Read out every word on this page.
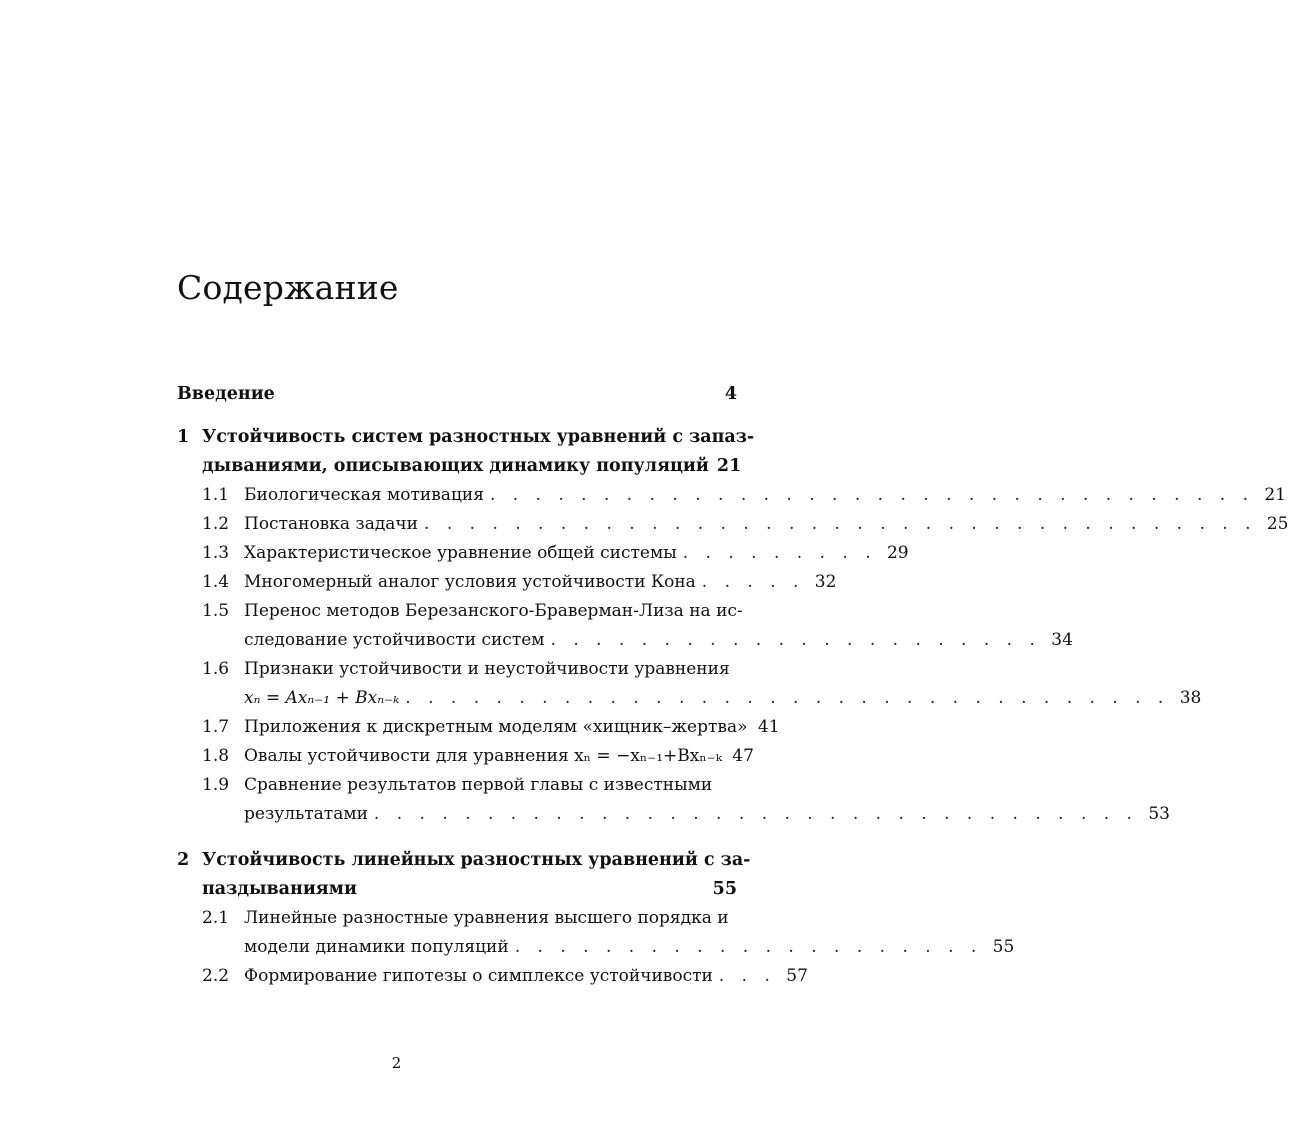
Содержание
Введение	4
1 Устойчивость систем разностных уравнений с запаз-
дываниями, описывающих динамику популяций 21
1.1 Биологическая мотивация . . . . . . . . . . . . . . . . . . . . . . . . . . . . . . . . . . 21
1.2 Постановка задачи . . . . . . . . . . . . . . . . . . . . . . . . . . . . . . . . . . . . . 25
1.3 Характеристическое уравнение общей системы . . . . . . . . . 29
1.4 Многомерный аналог условия устойчивости Кона . . . . . 32
1.5 Перенос методов Березанского-Браверман-Лиза на ис-
следование устойчивости систем . . . . . . . . . . . . . . . . . . . . . . 34
1.6 Признаки устойчивости и неустойчивости уравнения
xₙ = Axₙ₋₁ + Bxₙ₋ₖ . . . . . . . . . . . . . . . . . . . . . . . . . . . . . . . . . . 38
1.7 Приложения к дискретным моделям «хищник–жертва» 41
1.8 Овалы устойчивости для уравнения xₙ = −xₙ₋₁+Bxₙ₋ₖ 47
1.9 Сравнение результатов первой главы с известными
результатами . . . . . . . . . . . . . . . . . . . . . . . . . . . . . . . . . . 53
2 Устойчивость линейных разностных уравнений с за-
паздываниями	55
2.1 Линейные разностные уравнения высшего порядка и
модели динамики популяций . . . . . . . . . . . . . . . . . . . . . 55
2.2 Формирование гипотезы о симплексе устойчивости . . . 57
2
